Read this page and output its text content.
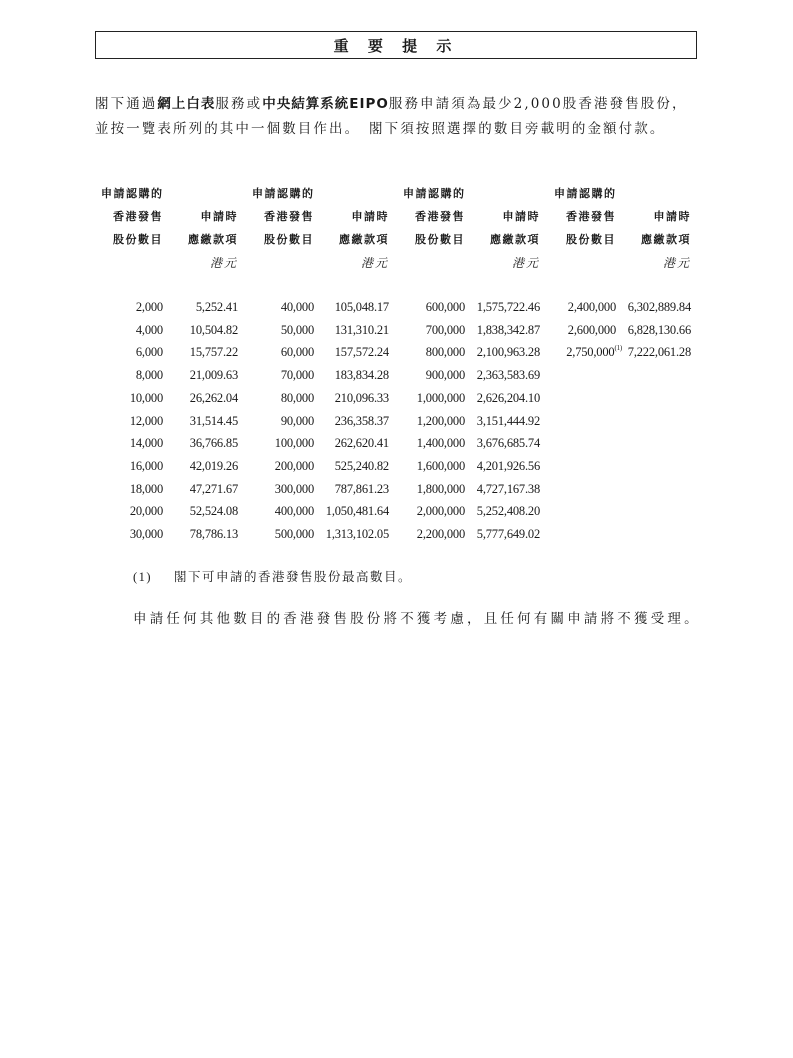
重 要 提 示

閣下通過網上白表服務或中央結算系統EIPO服務申請須為最少2,000股香港發售股份，並按一覽表所列的其中一個數目作出。　閣下須按照選擇的數目旁載明的金額付款。

申請認購的
香港發售
股份數目
申請時
應繳款項
港元
2,000	5,252.41
4,000 10,504.82
6,000 15,757.22
8,000 21,009.63
10,000 26,262.04
12,000 31,514.45
14,000 36,766.85
16,000 42,019.26
18,000 47,271.67
20,000 52,524.08
30,000 78,786.13
申請認購的
香港發售
股份數目
申請時
應繳款項
港元
40,000 105,048.17
50,000 131,310.21
60,000 157,572.24
70,000 183,834.28
80,000 210,096.33
90,000 236,358.37
100,000 262,620.41
200,000 525,240.82
300,000 787,861.23
400,000 1,050,481.64
500,000 1,313,102.05
申請認購的
香港發售
股份數目
申請時
應繳款項
港元
600,000 1,575,722.46
700,000 1,838,342.87
800,000 2,100,963.28
900,000 2,363,583.69
1,000,000 2,626,204.10
1,200,000 3,151,444.92
1,400,000 3,676,685.74
1,600,000 4,201,926.56
1,800,000 4,727,167.38
2,000,000 5,252,408.20
2,200,000 5,777,649.02
申請認購的
香港發售
股份數目
申請時
應繳款項
港元
2,400,000 6,302,889.84
2,600,000 6,828,130.66
2,750,000$^{(1)}$ 7,222,061.28
(1) 閣下可申請的香港發售股份最高數目。

申請任何其他數目的香港發售股份將不獲考慮，且任何有關申請將不獲受理。
